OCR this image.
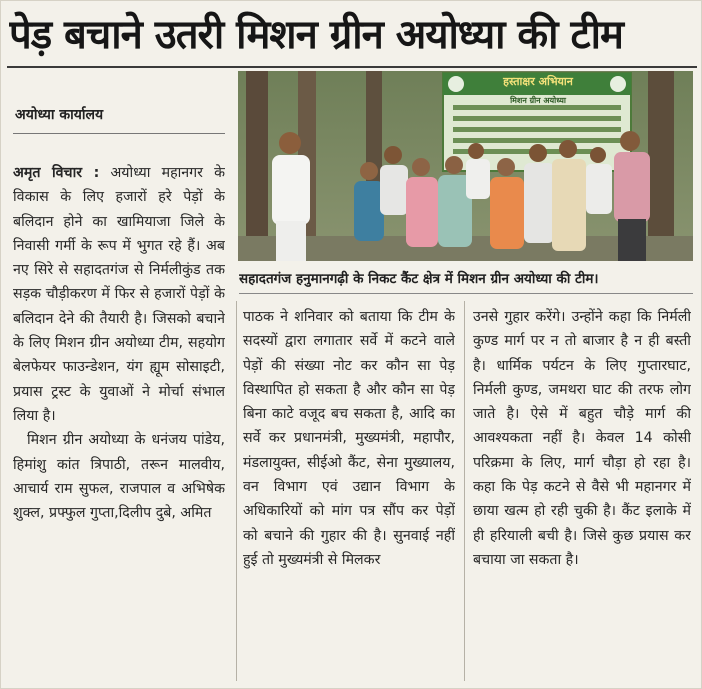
पेड़ बचाने उतरी मिशन ग्रीन अयोध्या की टीम
अयोध्या कार्यालय
हस्ताक्षर अभियान
मिशन ग्रीन अयोध्या
सहादतगंज हनुमानगढ़ी के निकट कैंट क्षेत्र में मिशन ग्रीन अयोध्या की टीम।

अमृत विचार : अयोध्या महानगर के विकास के लिए हजारों हरे पेड़ों के बलिदान होने का खामियाजा जिले के निवासी गर्मी के रूप में भुगत रहे हैं। अब नए सिरे से सहादतगंज से निर्मलीकुंड तक सड़क चौड़ीकरण में फिर से हजारों पेड़ों के बलिदान देने की तैयारी है। जिसको बचाने के लिए मिशन ग्रीन अयोध्या टीम, सहयोग बेलफेयर फाउन्डेशन, यंग ह्यूम सोसाइटी, प्रयास ट्रस्ट के युवाओं ने मोर्चा संभाल लिया है।

मिशन ग्रीन अयोध्या के धनंजय पांडेय, हिमांशु कांत त्रिपाठी, तरून मालवीय, आचार्य राम सुफल, राजपाल व अभिषेक शुक्ल, प्रफ्फुल गुप्ता,दिलीप दुबे, अमित

पाठक ने शनिवार को बताया कि टीम के सदस्यों द्वारा लगातार सर्वे में कटने वाले पेड़ों की संख्या नोट कर कौन सा पेड़ विस्थापित हो सकता है और कौन सा पेड़ बिना काटे वजूद बच सकता है, आदि का सर्वे कर प्रधानमंत्री, मुख्यमंत्री, महापौर, मंडलायुक्त, सीईओ कैंट, सेना मुख्यालय, वन विभाग एवं उद्यान विभाग के अधिकारियों को मांग पत्र सौंप कर पेड़ों को बचाने की गुहार की है। सुनवाई नहीं हुई तो मुख्यमंत्री से मिलकर

उनसे गुहार करेंगे। उन्होंने कहा कि निर्मली कुण्ड मार्ग पर न तो बाजार है न ही बस्ती है। धार्मिक पर्यटन के लिए गुप्तारघाट, निर्मली कुण्ड, जमथरा घाट की तरफ लोग जाते है। ऐसे में बहुत चौड़े मार्ग की आवश्यकता नहीं है। केवल 14 कोसी परिक्रमा के लिए, मार्ग चौड़ा हो रहा है। कहा कि पेड़ कटने से वैसे भी महानगर में छाया खत्म हो रही चुकी है। कैंट इलाके में ही हरियाली बची है। जिसे कुछ प्रयास कर बचाया जा सकता है।
